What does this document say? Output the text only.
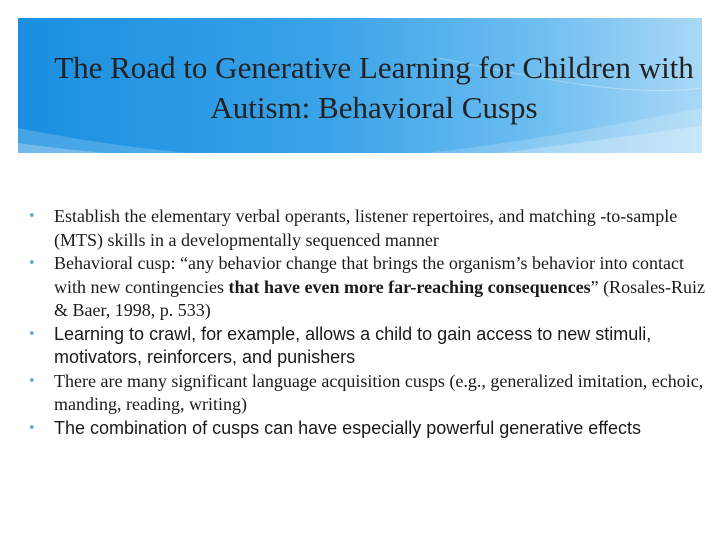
The Road to Generative Learning for Children with Autism: Behavioral Cusps
• Establish the elementary verbal operants, listener repertoires, and matching -to-sample (MTS) skills in a developmentally sequenced manner
• Behavioral cusp: “any behavior change that brings the organism’s behavior into contact with new contingencies that have even more far-reaching consequences” (Rosales-Ruiz & Baer, 1998, p. 533)
• Learning to crawl, for example, allows a child to gain access to new stimuli, motivators, reinforcers, and punishers
• There are many significant language acquisition cusps (e.g., generalized imitation, echoic, manding, reading, writing)
• The combination of cusps can have especially powerful generative effects
